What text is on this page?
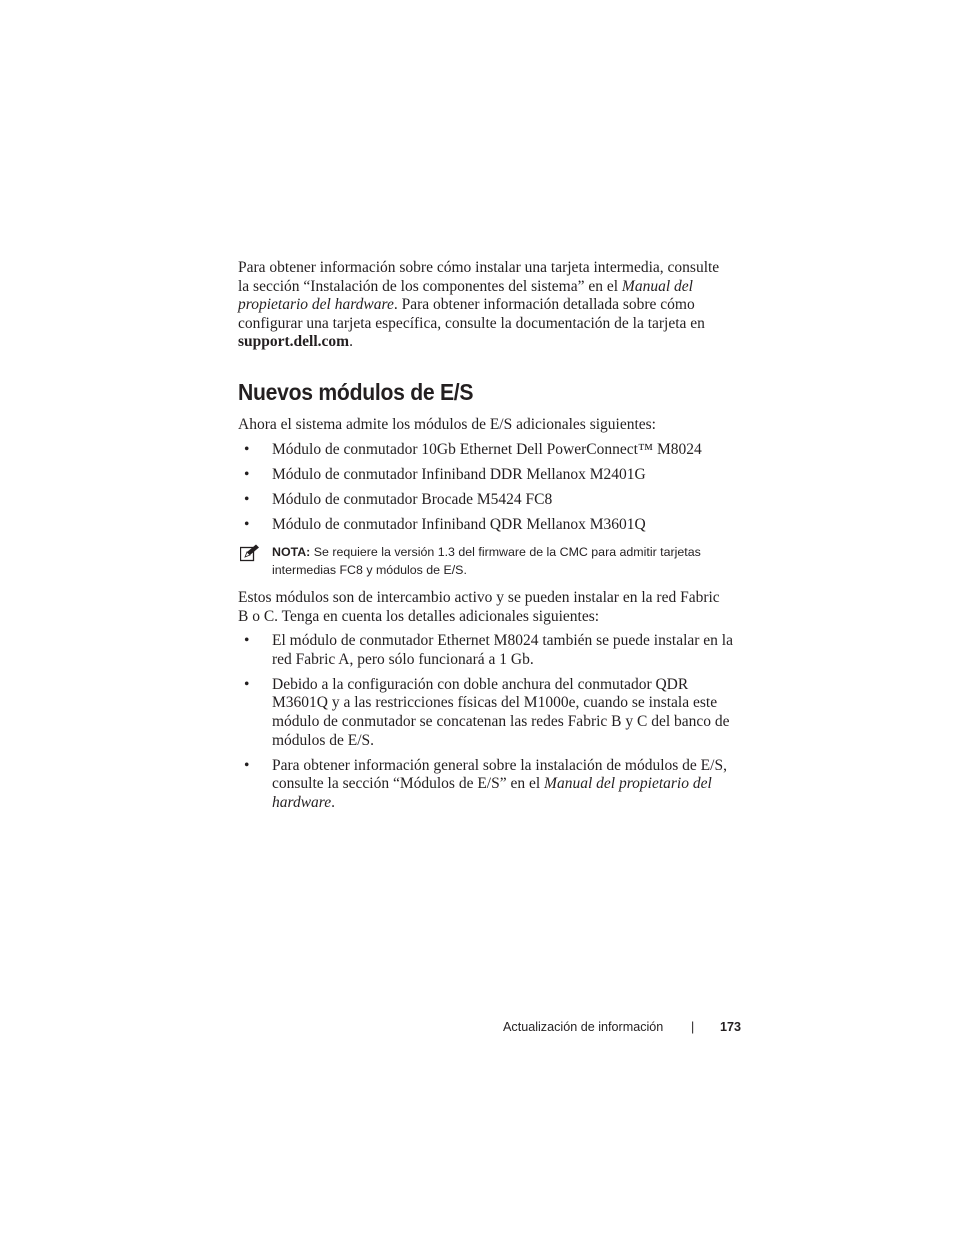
Para obtener información sobre cómo instalar una tarjeta intermedia, consulte la sección “Instalación de los componentes del sistema” en el Manual del propietario del hardware. Para obtener información detallada sobre cómo configurar una tarjeta específica, consulte la documentación de la tarjeta en support.dell.com.

Nuevos módulos de E/S

Ahora el sistema admite los módulos de E/S adicionales siguientes:

• Módulo de conmutador 10Gb Ethernet Dell PowerConnect™ M8024
• Módulo de conmutador Infiniband DDR Mellanox M2401G
• Módulo de conmutador Brocade M5424 FC8
• Módulo de conmutador Infiniband QDR Mellanox M3601Q
NOTA: Se requiere la versión 1.3 del firmware de la CMC para admitir tarjetas intermedias FC8 y módulos de E/S.

Estos módulos son de intercambio activo y se pueden instalar en la red Fabric B o C. Tenga en cuenta los detalles adicionales siguientes:

• El módulo de conmutador Ethernet M8024 también se puede instalar en la red Fabric A, pero sólo funcionará a 1 Gb.
• Debido a la configuración con doble anchura del conmutador QDR M3601Q y a las restricciones físicas del M1000e, cuando se instala este módulo de conmutador se concatenan las redes Fabric B y C del banco de módulos de E/S.
• Para obtener información general sobre la instalación de módulos de E/S, consulte la sección “Módulos de E/S” en el Manual del propietario del hardware.
Actualización de información | 173
